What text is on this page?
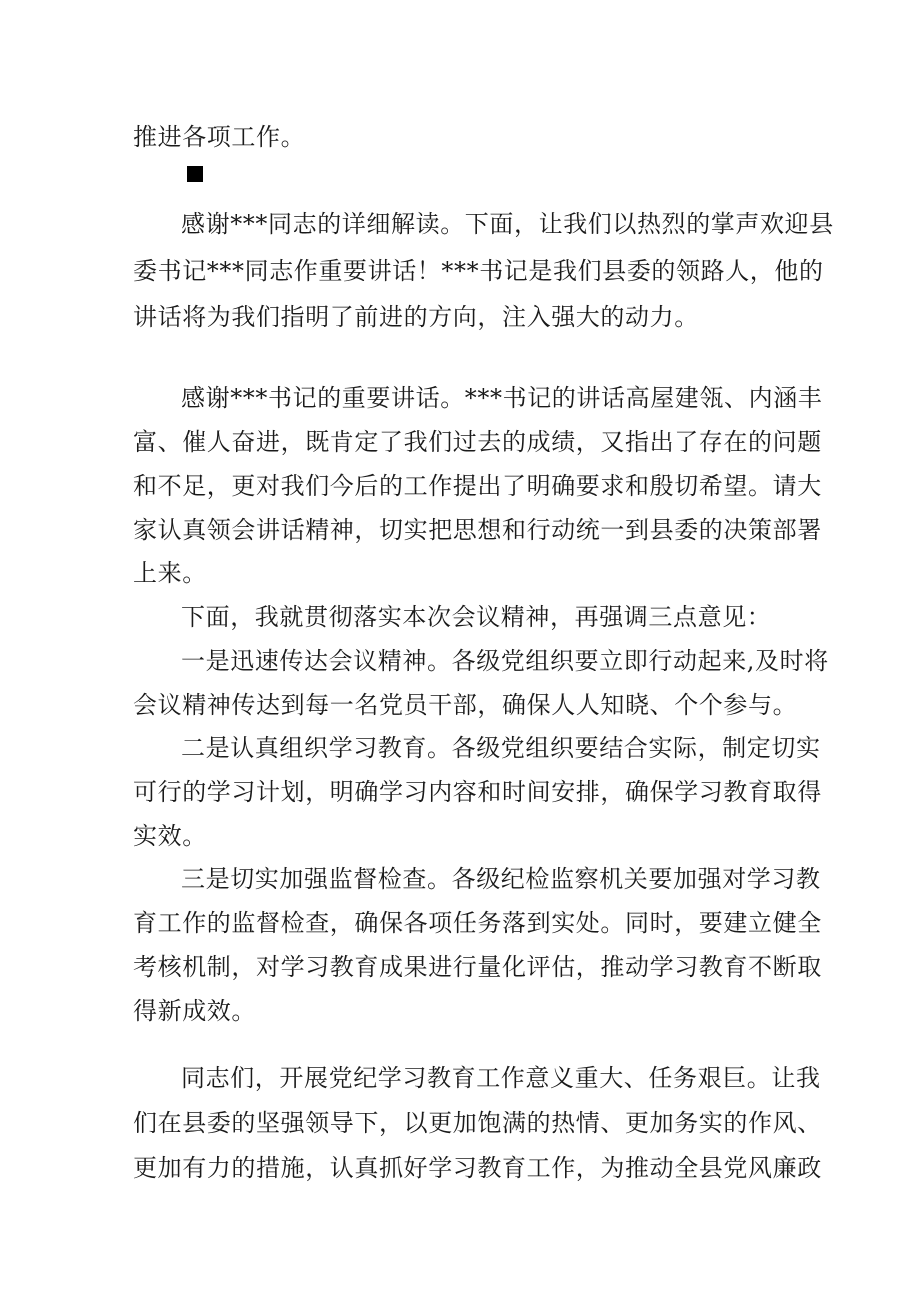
推进各项工作。
感谢***同志的详细解读。下面，让我们以热烈的掌声欢迎县
委书记***同志作重要讲话！***书记是我们县委的领路人，他的
讲话将为我们指明了前进的方向，注入强大的动力。
感谢***书记的重要讲话。***书记的讲话高屋建瓴、内涵丰
富、催人奋进，既肯定了我们过去的成绩，又指出了存在的问题
和不足，更对我们今后的工作提出了明确要求和殷切希望。请大
家认真领会讲话精神，切实把思想和行动统一到县委的决策部署
上来。
下面，我就贯彻落实本次会议精神，再强调三点意见：
一是迅速传达会议精神。各级党组织要立即行动起来,及时将
会议精神传达到每一名党员干部，确保人人知晓、个个参与。
二是认真组织学习教育。各级党组织要结合实际，制定切实
可行的学习计划，明确学习内容和时间安排，确保学习教育取得
实效。
三是切实加强监督检查。各级纪检监察机关要加强对学习教
育工作的监督检查，确保各项任务落到实处。同时，要建立健全
考核机制，对学习教育成果进行量化评估，推动学习教育不断取
得新成效。
同志们，开展党纪学习教育工作意义重大、任务艰巨。让我
们在县委的坚强领导下，以更加饱满的热情、更加务实的作风、
更加有力的措施，认真抓好学习教育工作，为推动全县党风廉政
